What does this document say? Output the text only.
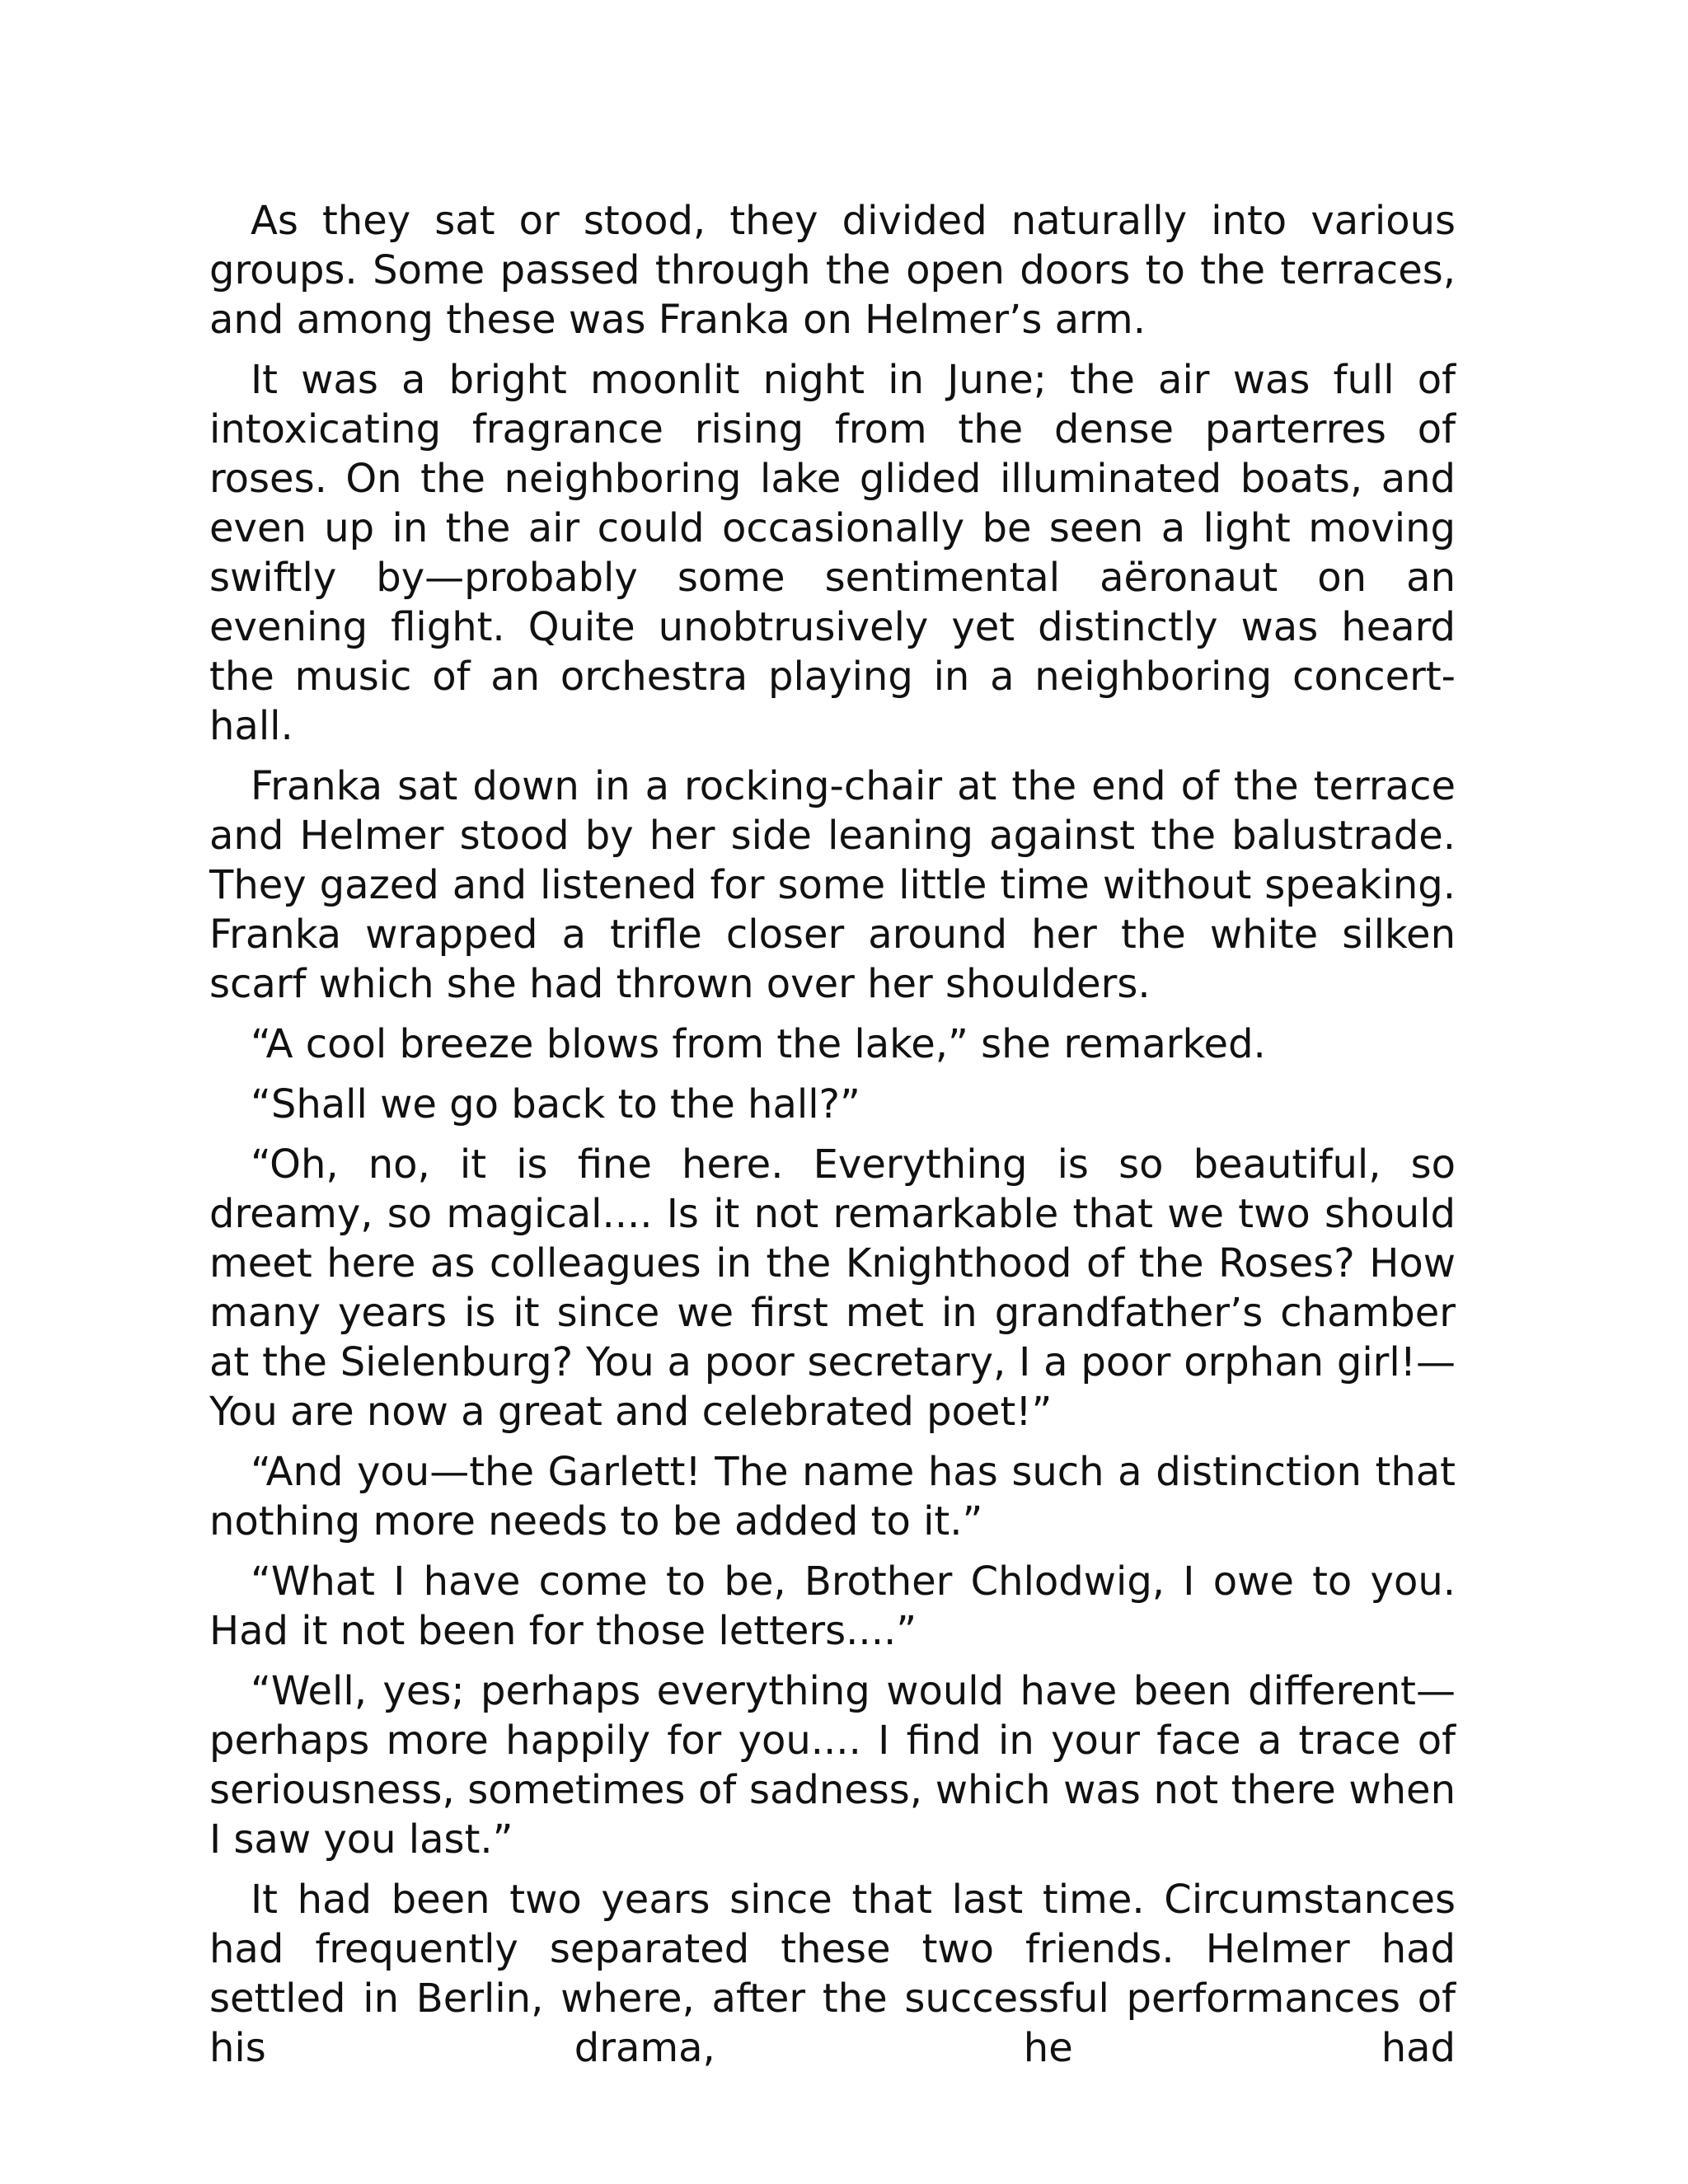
As they sat or stood, they divided naturally into various groups. Some passed through the open doors to the terraces, and among these was Franka on Helmer’s arm.

It was a bright moonlit night in June; the air was full of intoxicating fragrance rising from the dense parterres of roses. On the neighboring lake glided illuminated boats, and even up in the air could occasionally be seen a light moving swiftly by—probably some sentimental aëronaut on an evening flight. Quite unobtrusively yet distinctly was heard the music of an orchestra playing in a neighboring concert-hall.

Franka sat down in a rocking-chair at the end of the terrace and Helmer stood by her side leaning against the balustrade. They gazed and listened for some little time without speaking. Franka wrapped a trifle closer around her the white silken scarf which she had thrown over her shoulders.

“A cool breeze blows from the lake,” she remarked.

“Shall we go back to the hall?”

“Oh, no, it is fine here. Everything is so beautiful, so dreamy, so magical.... Is it not remarkable that we two should meet here as colleagues in the Knighthood of the Roses? How many years is it since we first met in grandfather’s chamber at the Sielenburg? You a poor secretary, I a poor orphan girl!—You are now a great and celebrated poet!”

“And you—the Garlett! The name has such a distinction that nothing more needs to be added to it.”

“What I have come to be, Brother Chlodwig, I owe to you. Had it not been for those letters....”

“Well, yes; perhaps everything would have been different—perhaps more happily for you.... I find in your face a trace of seriousness, sometimes of sadness, which was not there when I saw you last.”

It had been two years since that last time. Circumstances had frequently separated these two friends. Helmer had settled in Berlin, where, after the successful performances of his drama, he had
